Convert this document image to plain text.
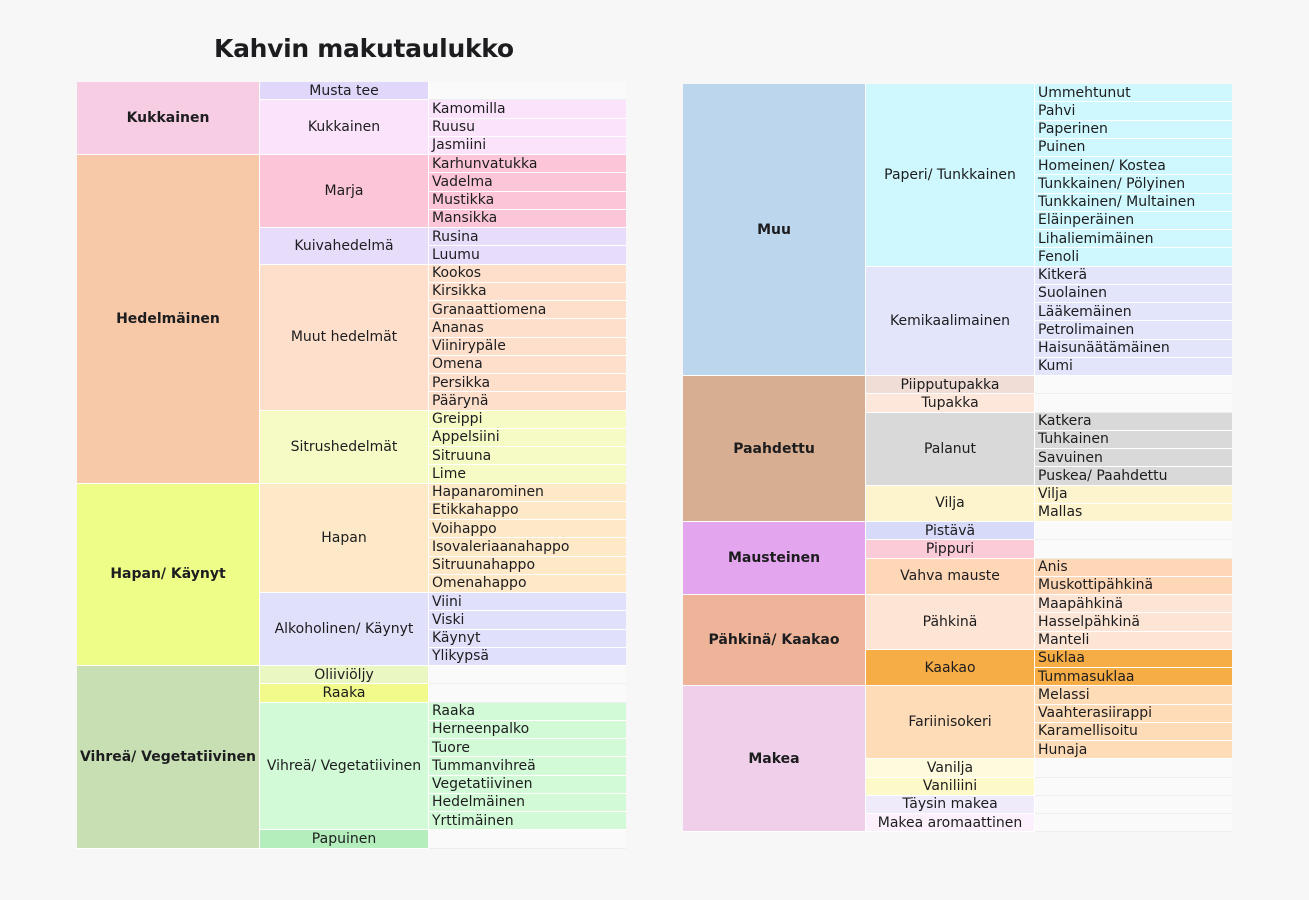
Kahvin makutaulukko
Musta tee
Kukkainen
Kamomilla
Ruusu
Jasmiini
Kukkainen
Marja
Karhunvatukka
Vadelma
Mustikka
Mansikka
Kuivahedelmä
Rusina
Luumu
Muut hedelmät
Kookos
Kirsikka
Granaattiomena
Ananas
Viinirypäle
Omena
Persikka
Päärynä
Sitrushedelmät
Greippi
Appelsiini
Sitruuna
Lime
Hedelmäinen
Hapan
Hapanarominen
Etikkahappo
Voihappo
Isovaleriaanahappo
Sitruunahappo
Omenahappo
Alkoholinen/ Käynyt
Viini
Viski
Käynyt
Ylikypsä
Hapan/ Käynyt
Oliiviöljy
Raaka
Vihreä/ Vegetatiivinen
Raaka
Herneenpalko
Tuore
Tummanvihreä
Vegetatiivinen
Hedelmäinen
Yrttimäinen
Papuinen
Vihreä/ Vegetatiivinen
Paperi/ Tunkkainen
Ummehtunut
Pahvi
Paperinen
Puinen
Homeinen/ Kostea
Tunkkainen/ Pölyinen
Tunkkainen/ Multainen
Eläinperäinen
Lihaliemimäinen
Fenoli
Kemikaalimainen
Kitkerä
Suolainen
Lääkemäinen
Petrolimainen
Haisunäätämäinen
Kumi
Muu
Piipputupakka
Tupakka
Palanut
Katkera
Tuhkainen
Savuinen
Puskea/ Paahdettu
Vilja
Vilja
Mallas
Paahdettu
Pistävä
Pippuri
Vahva mauste
Anis
Muskottipähkinä
Mausteinen
Pähkinä
Maapähkinä
Hasselpähkinä
Manteli
Kaakao
Suklaa
Tummasuklaa
Pähkinä/ Kaakao
Fariinisokeri
Melassi
Vaahterasiirappi
Karamellisoitu
Hunaja
Vanilja
Vaniliini
Täysin makea
Makea aromaattinen
Makea
